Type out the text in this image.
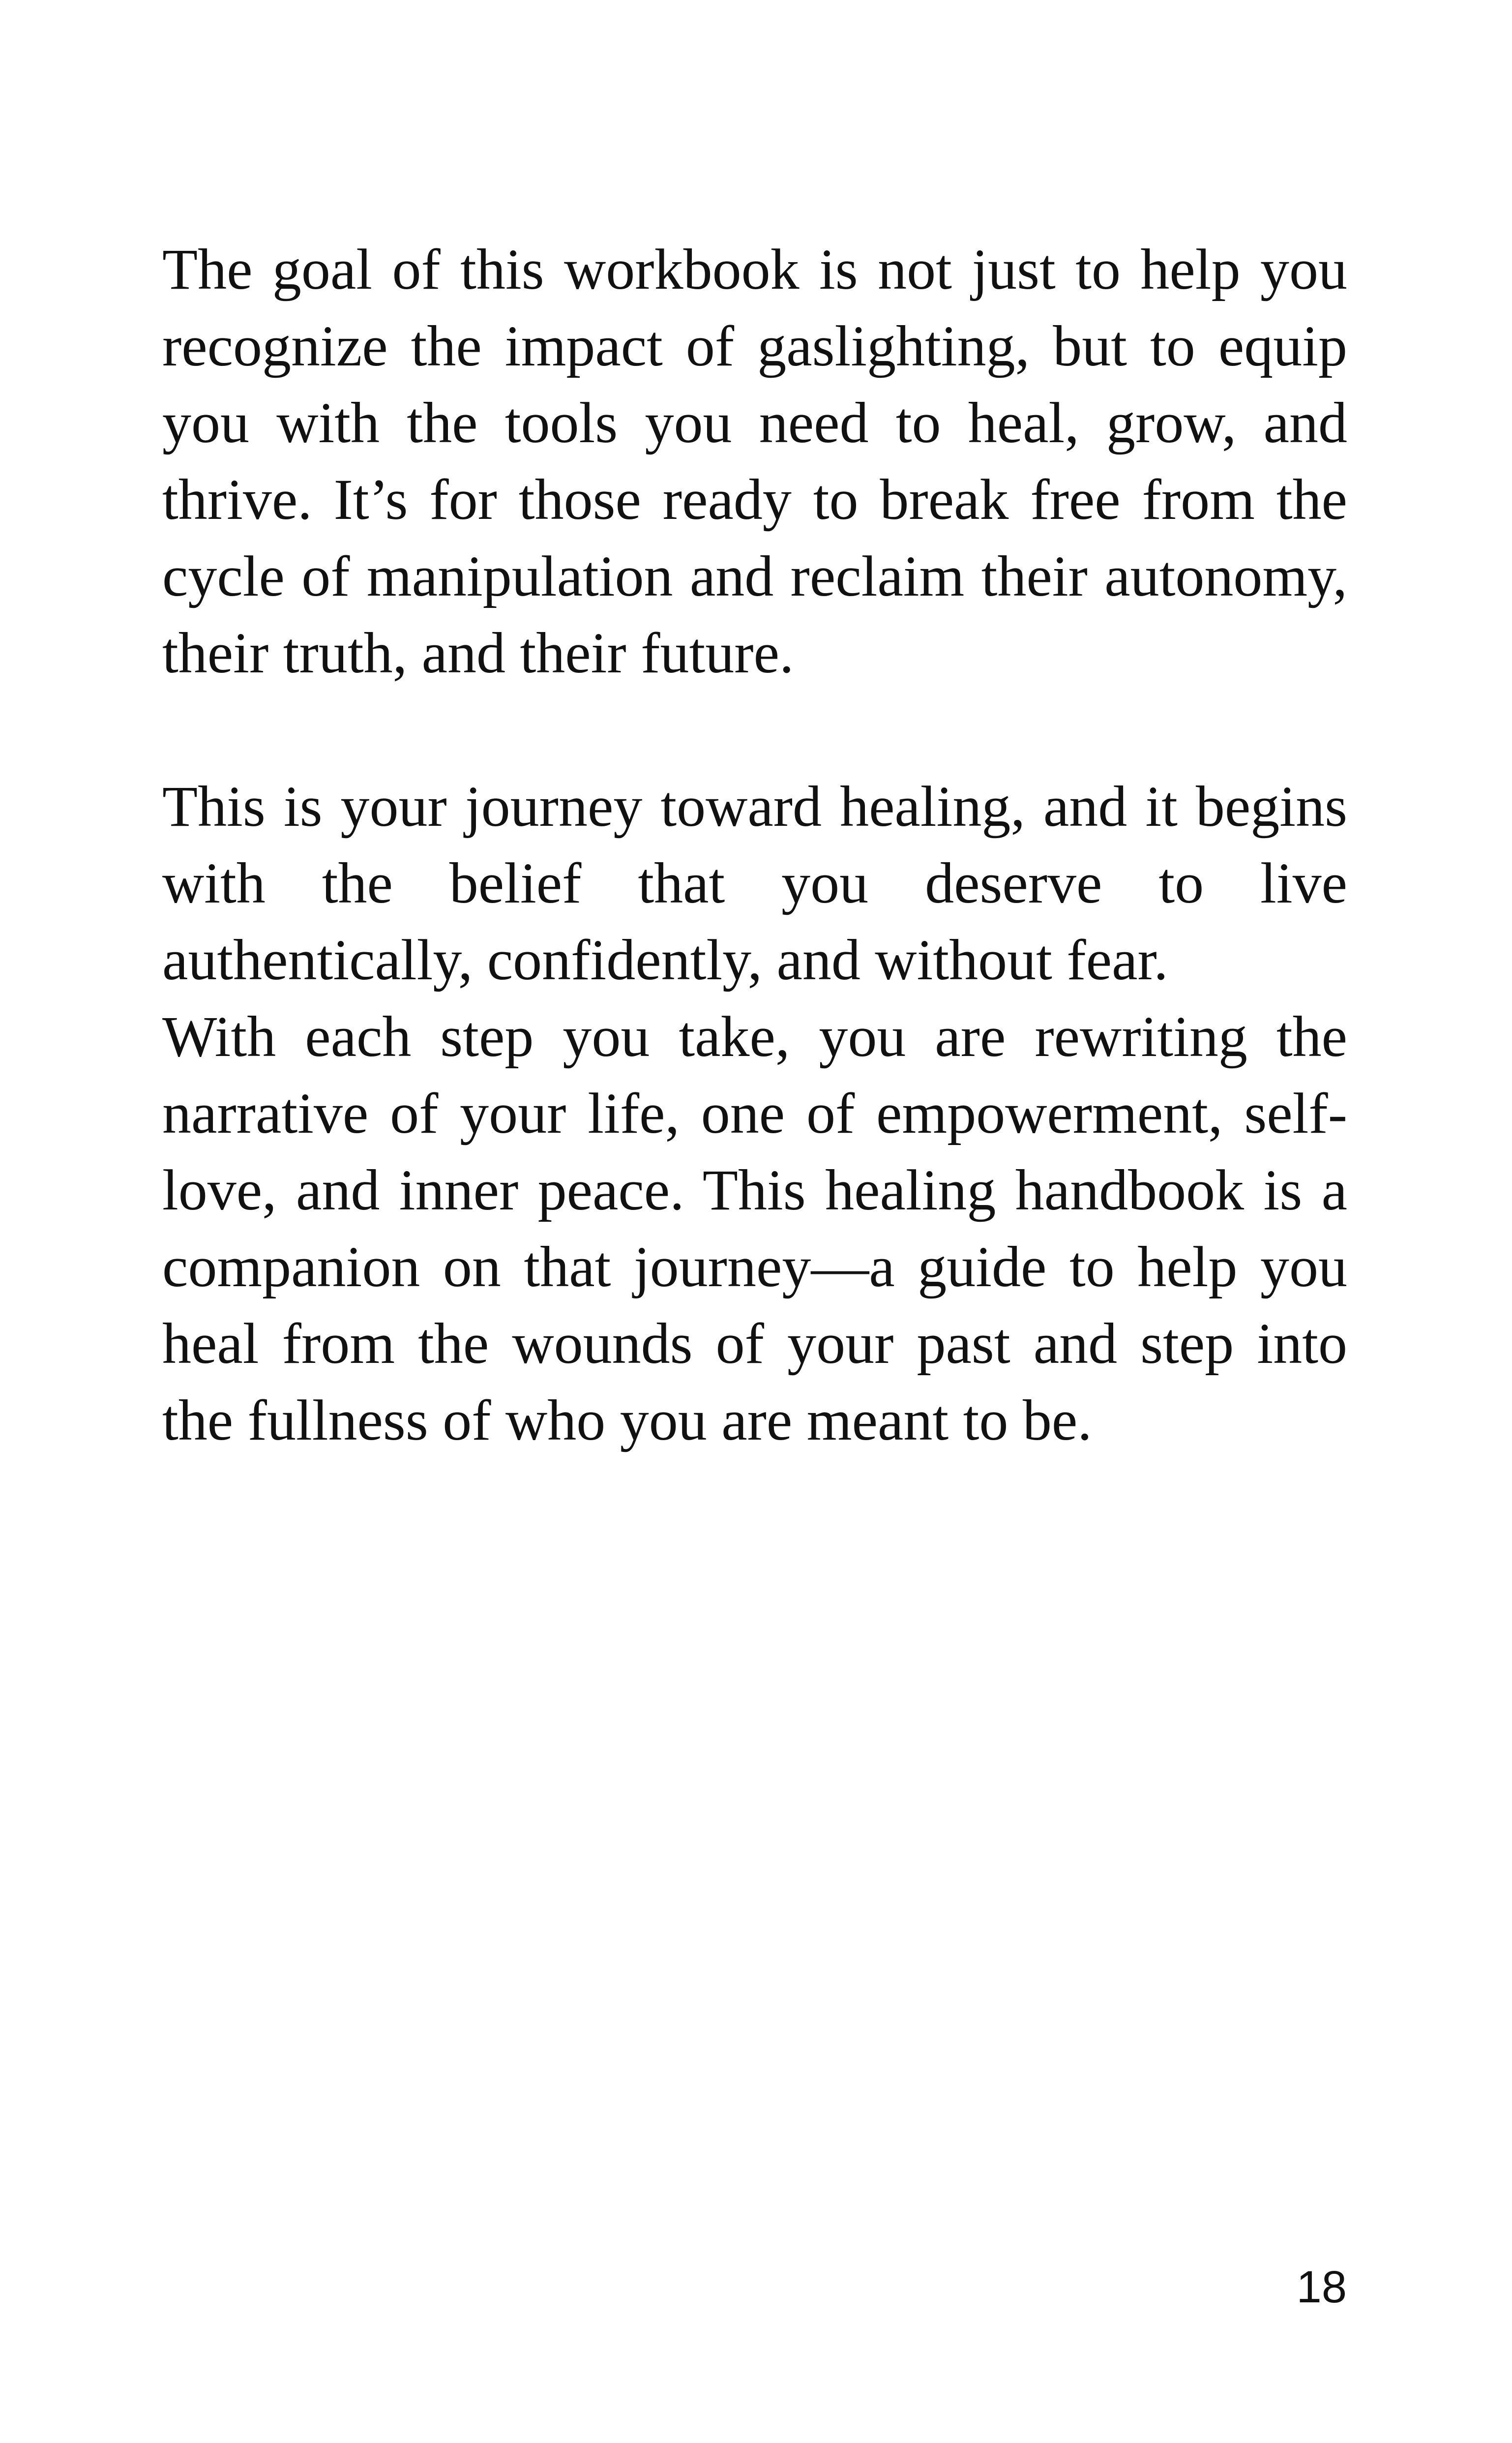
The goal of this workbook is not just to help you recognize the impact of gaslighting, but to equip you with the tools you need to heal, grow, and thrive. It’s for those ready to break free from the cycle of manipulation and reclaim their autonomy, their truth, and their future.

This is your journey toward healing, and it begins with the belief that you deserve to live authentically, confidently, and without fear.

With each step you take, you are rewriting the narrative of your life, one of empowerment, self-love, and inner peace. This healing handbook is a companion on that journey—a guide to help you heal from the wounds of your past and step into the fullness of who you are meant to be.

18
